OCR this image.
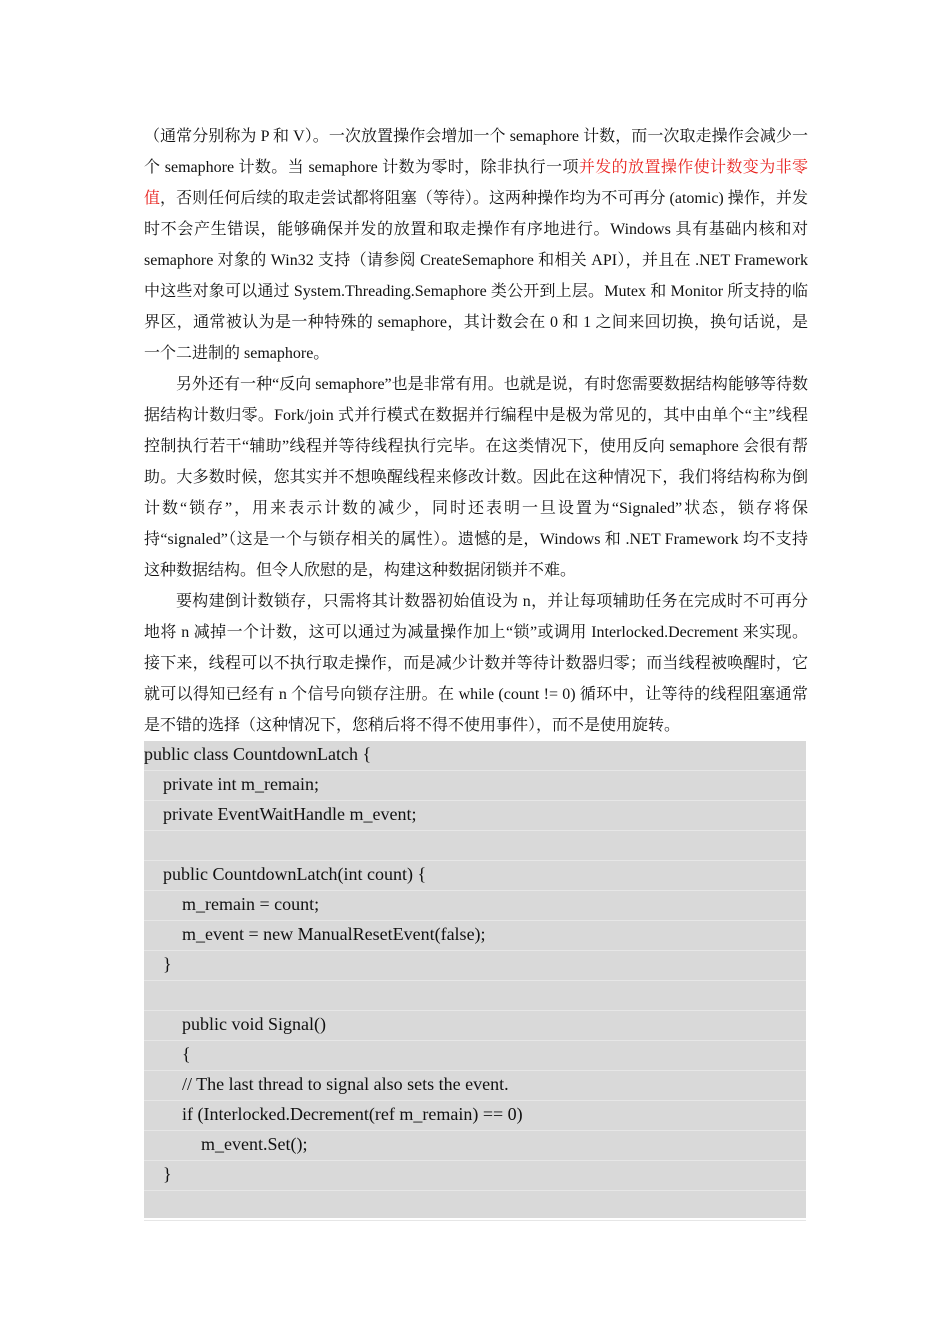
（通常分别称为 P 和 V）。一次放置操作会增加一个 semaphore 计数，而一次取走操作会减少一个 semaphore 计数。当 semaphore 计数为零时，除非执行一项并发的放置操作使计数变为非零值，否则任何后续的取走尝试都将阻塞（等待）。这两种操作均为不可再分 (atomic) 操作，并发时不会产生错误，能够确保并发的放置和取走操作有序地进行。Windows 具有基础内核和对 semaphore 对象的 Win32 支持（请参阅 CreateSemaphore 和相关 API），并且在 .NET Framework 中这些对象可以通过 System.Threading.Semaphore 类公开到上层。Mutex 和 Monitor 所支持的临界区，通常被认为是一种特殊的 semaphore，其计数会在 0 和 1 之间来回切换，换句话说，是一个二进制的 semaphore。

另外还有一种“反向 semaphore”也是非常有用。也就是说，有时您需要数据结构能够等待数据结构计数归零。Fork/join 式并行模式在数据并行编程中是极为常见的，其中由单个“主”线程控制执行若干“辅助”线程并等待线程执行完毕。在这类情况下，使用反向 semaphore 会很有帮助。大多数时候，您其实并不想唤醒线程来修改计数。因此在这种情况下，我们将结构称为倒计数“锁存”，用来表示计数的减少，同时还表明一旦设置为“Signaled”状态，锁存将保持“signaled”（这是一个与锁存相关的属性）。遗憾的是，Windows 和 .NET Framework 均不支持这种数据结构。但令人欣慰的是，构建这种数据闭锁并不难。

要构建倒计数锁存，只需将其计数器初始值设为 n，并让每项辅助任务在完成时不可再分地将 n 减掉一个计数，这可以通过为减量操作加上“锁”或调用 Interlocked.Decrement 来实现。接下来，线程可以不执行取走操作，而是减少计数并等待计数器归零；而当线程被唤醒时，它就可以得知已经有 n 个信号向锁存注册。在 while (count != 0) 循环中，让等待的线程阻塞通常是不错的选择（这种情况下，您稍后将不得不使用事件），而不是使用旋转。

public class CountdownLatch {
private int m_remain;
private EventWaitHandle m_event;
public CountdownLatch(int count) {
m_remain = count;
m_event = new ManualResetEvent(false);
}
public void Signal()
{
// The last thread to signal also sets the event.
if (Interlocked.Decrement(ref m_remain) == 0)
m_event.Set();
}
